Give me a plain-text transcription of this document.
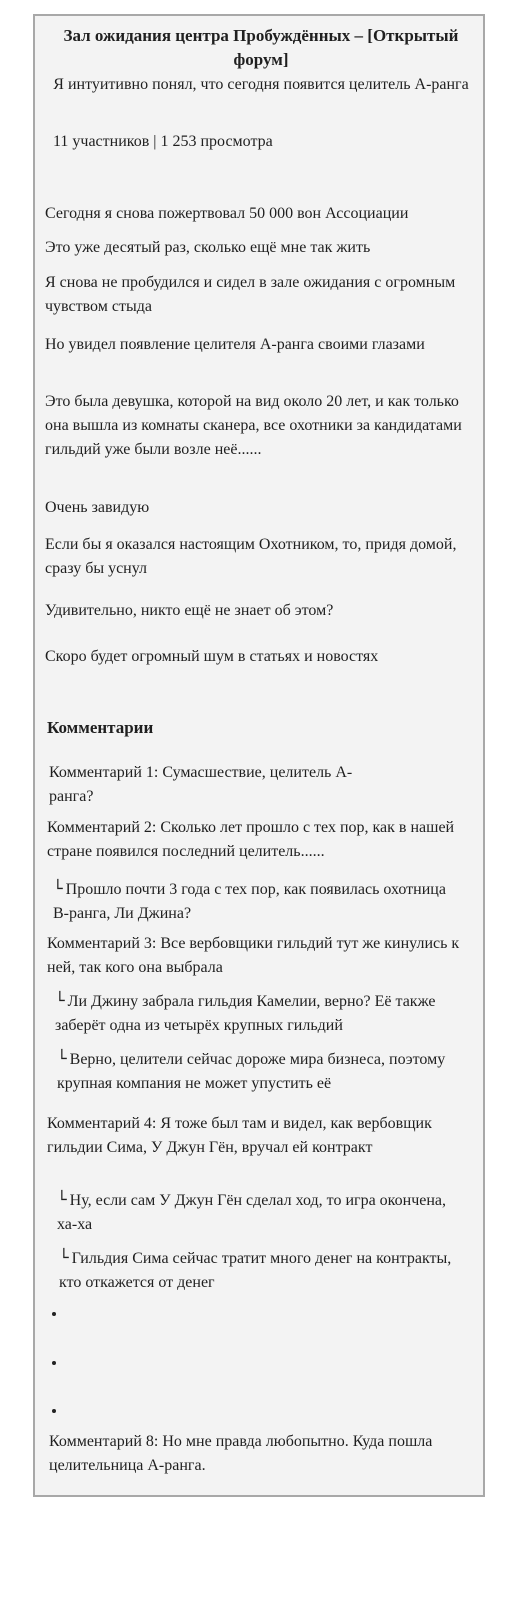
Зал ожидания центра Пробуждённых – [Открытый форум]
Я интуитивно понял, что сегодня появится целитель А-ранга
11 участников | 1 253 просмотра

Сегодня я снова пожертвовал 50 000 вон Ассоциации

Это уже десятый раз, сколько ещё мне так жить

Я снова не пробудился и сидел в зале ожидания с огромным чувством стыда

Но увидел появление целителя А-ранга своими глазами

Это была девушка, которой на вид около 20 лет, и как только она вышла из комнаты сканера, все охотники за кандидатами гильдий уже были возле неё......

Очень завидую

Если бы я оказался настоящим Охотником, то, придя домой, сразу бы уснул

Удивительно, никто ещё не знает об этом?

Скоро будет огромный шум в статьях и новостях

Комментарии

Комментарий 1: Сумасшествие, целитель А-ранга?

Комментарий 2: Сколько лет прошло с тех пор, как в нашей стране появился последний целитель......

└ Прошло почти 3 года с тех пор, как появилась охотница B-ранга, Ли Джина?

Комментарий 3: Все вербовщики гильдий тут же кинулись к ней, так кого она выбрала

└ Ли Джину забрала гильдия Камелии, верно? Её также заберёт одна из четырёх крупных гильдий

└ Верно, целители сейчас дороже мира бизнеса, поэтому крупная компания не может упустить её

Комментарий 4: Я тоже был там и видел, как вербовщик гильдии Сима, У Джун Гён, вручал ей контракт

└ Ну, если сам У Джун Гён сделал ход, то игра окончена, ха-ха

└ Гильдия Сима сейчас тратит много денег на контракты, кто откажется от денег

Комментарий 8: Но мне правда любопытно. Куда пошла целительница А-ранга.
